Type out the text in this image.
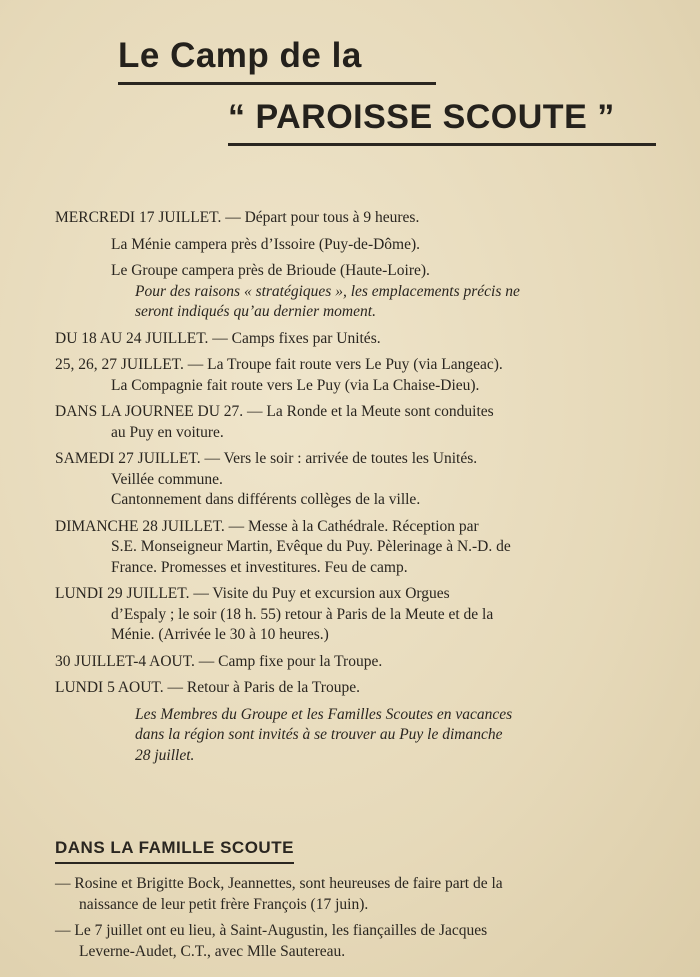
Le Camp de la
“ PAROISSE SCOUTE ”
MERCREDI 17 JUILLET. — Départ pour tous à 9 heures.
La Ménie campera près d’Issoire (Puy-de-Dôme).
Le Groupe campera près de Brioude (Haute-Loire).
Pour des raisons « stratégiques », les emplacements précis ne
seront indiqués qu’au dernier moment.
DU 18 AU 24 JUILLET. — Camps fixes par Unités.
25, 26, 27 JUILLET. — La Troupe fait route vers Le Puy (via Langeac).
La Compagnie fait route vers Le Puy (via La Chaise-Dieu).
DANS LA JOURNEE DU 27. — La Ronde et la Meute sont conduites
au Puy en voiture.
SAMEDI 27 JUILLET. — Vers le soir : arrivée de toutes les Unités.
Veillée commune.
Cantonnement dans différents collèges de la ville.
DIMANCHE 28 JUILLET. — Messe à la Cathédrale. Réception par
S.E. Monseigneur Martin, Evêque du Puy. Pèlerinage à N.-D. de
France. Promesses et investitures. Feu de camp.
LUNDI 29 JUILLET. — Visite du Puy et excursion aux Orgues
d’Espaly ; le soir (18 h. 55) retour à Paris de la Meute et de la
Ménie. (Arrivée le 30 à 10 heures.)
30 JUILLET-4 AOUT. — Camp fixe pour la Troupe.
LUNDI 5 AOUT. — Retour à Paris de la Troupe.
Les Membres du Groupe et les Familles Scoutes en vacances
dans la région sont invités à se trouver au Puy le dimanche
28 juillet.
DANS LA FAMILLE SCOUTE
— Rosine et Brigitte Bock, Jeannettes, sont heureuses de faire part de la
naissance de leur petit frère François (17 juin).
— Le 7 juillet ont eu lieu, à Saint-Augustin, les fiançailles de Jacques
Leverne-Audet, C.T., avec Mlle Sautereau.
